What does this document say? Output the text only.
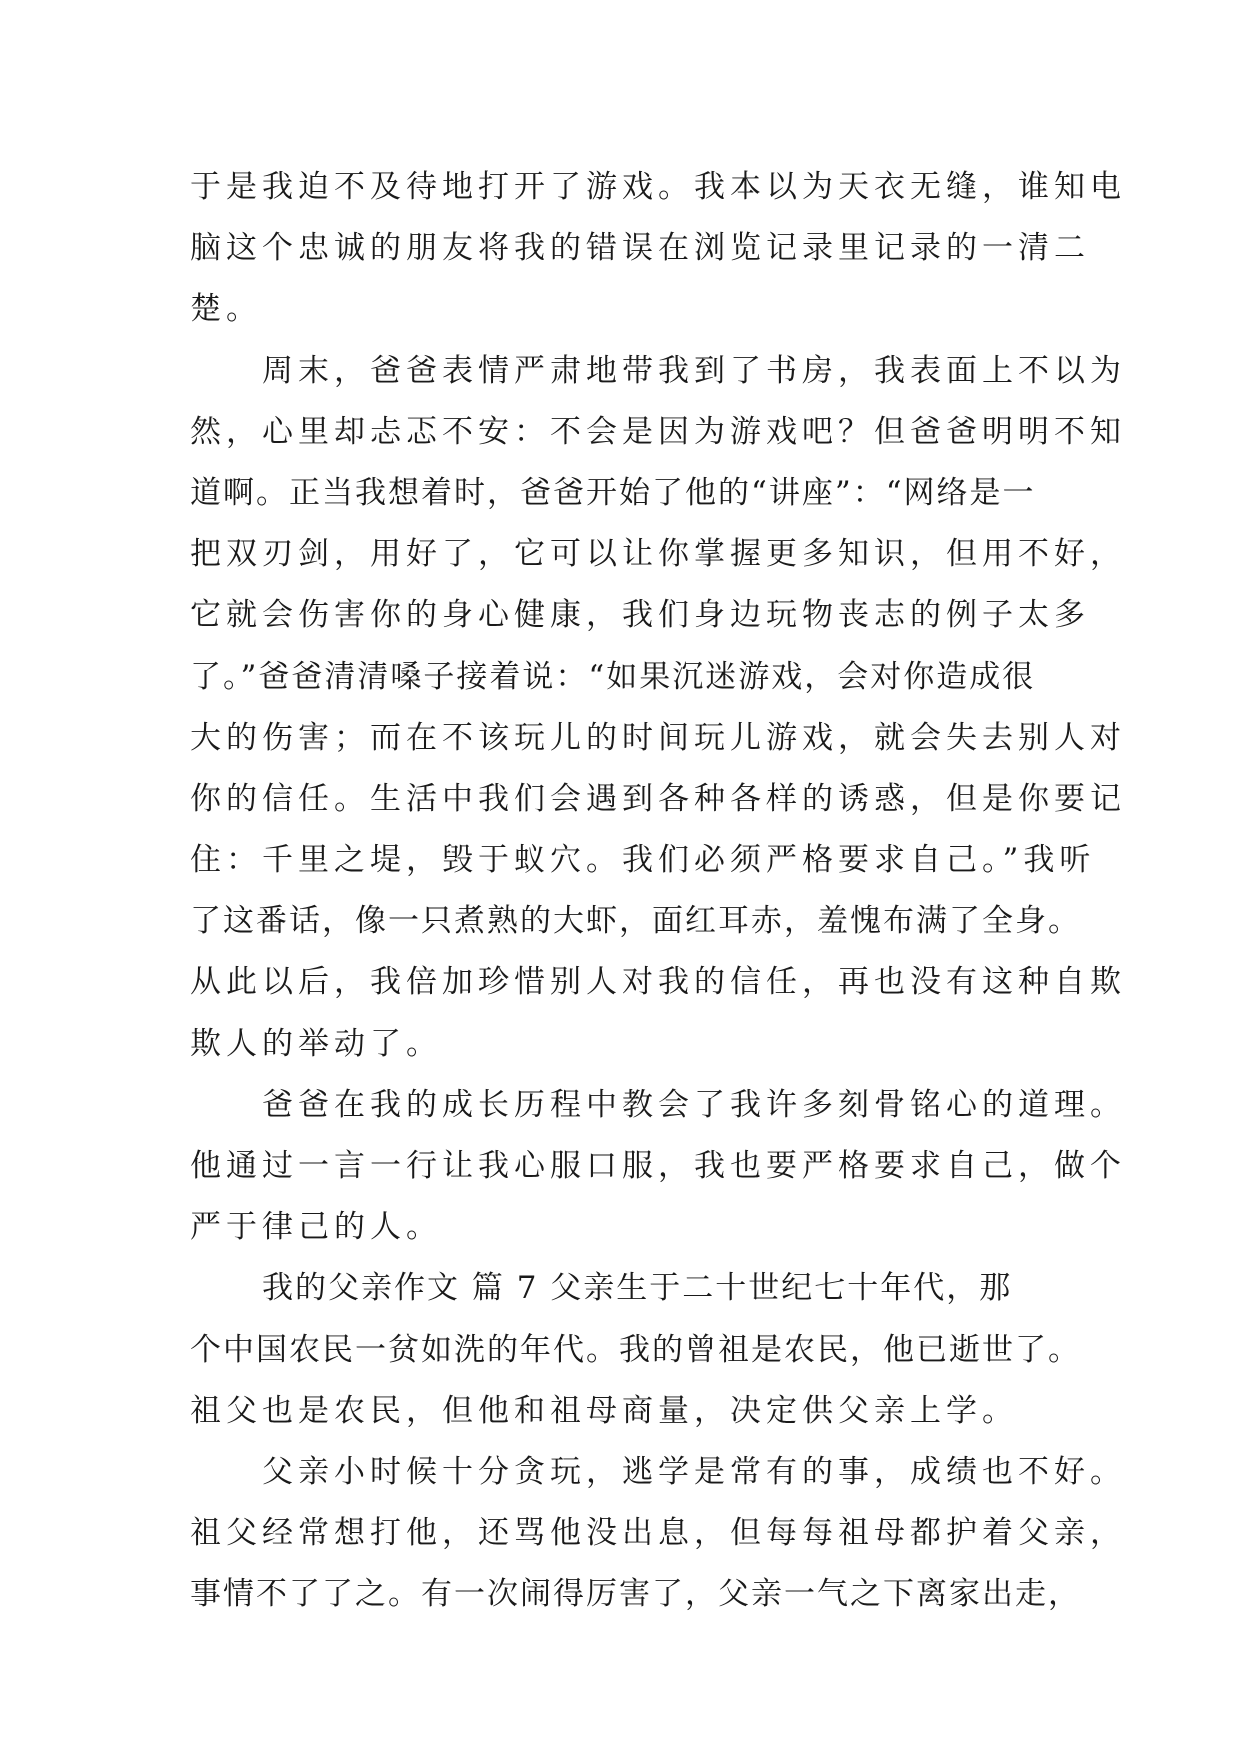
于是我迫不及待地打开了游戏。我本以为天衣无缝，谁知电
脑这个忠诚的朋友将我的错误在浏览记录里记录的一清二
楚。
周末，爸爸表情严肃地带我到了书房，我表面上不以为
然，心里却忐忑不安：不会是因为游戏吧？但爸爸明明不知
道啊。正当我想着时，爸爸开始了他的“讲座”：“网络是一
把双刃剑，用好了，它可以让你掌握更多知识，但用不好，
它就会伤害你的身心健康，我们身边玩物丧志的例子太多
了。”爸爸清清嗓子接着说：“如果沉迷游戏，会对你造成很
大的伤害；而在不该玩儿的时间玩儿游戏，就会失去别人对
你的信任。生活中我们会遇到各种各样的诱惑，但是你要记
住：千里之堤，毁于蚁穴。我们必须严格要求自己。”我听
了这番话，像一只煮熟的大虾，面红耳赤，羞愧布满了全身。
从此以后，我倍加珍惜别人对我的信任，再也没有这种自欺
欺人的举动了。
爸爸在我的成长历程中教会了我许多刻骨铭心的道理。
他通过一言一行让我心服口服，我也要严格要求自己，做个
严于律己的人。
我的父亲作文 篇 7 父亲生于二十世纪七十年代，那
个中国农民一贫如洗的年代。我的曾祖是农民，他已逝世了。
祖父也是农民，但他和祖母商量，决定供父亲上学。
父亲小时候十分贪玩，逃学是常有的事，成绩也不好。
祖父经常想打他，还骂他没出息，但每每祖母都护着父亲，
事情不了了之。有一次闹得厉害了，父亲一气之下离家出走，
